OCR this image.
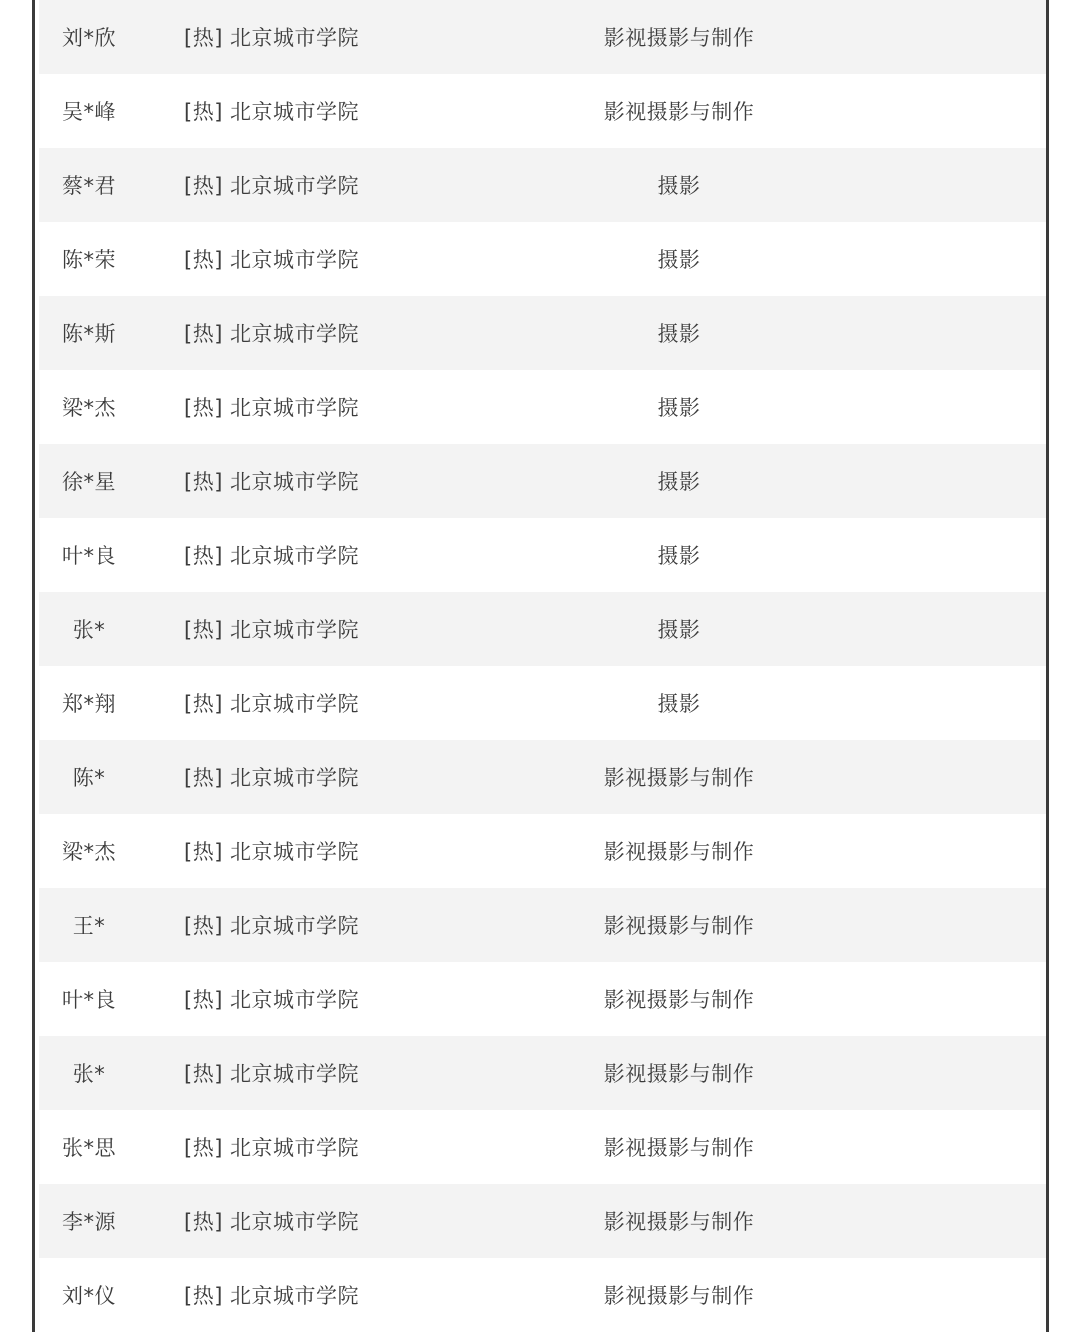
刘*欣	[热] 北京城市学院	影视摄影与制作
吴*峰	[热] 北京城市学院	影视摄影与制作
蔡*君	[热] 北京城市学院	摄影
陈*荣	[热] 北京城市学院	摄影
陈*斯	[热] 北京城市学院	摄影
梁*杰	[热] 北京城市学院	摄影
徐*星	[热] 北京城市学院	摄影
叶*良	[热] 北京城市学院	摄影
张*	[热] 北京城市学院	摄影
郑*翔	[热] 北京城市学院	摄影
陈*	[热] 北京城市学院	影视摄影与制作
梁*杰	[热] 北京城市学院	影视摄影与制作
王*	[热] 北京城市学院	影视摄影与制作
叶*良	[热] 北京城市学院	影视摄影与制作
张*	[热] 北京城市学院	影视摄影与制作
张*思	[热] 北京城市学院	影视摄影与制作
李*源	[热] 北京城市学院	影视摄影与制作
刘*仪	[热] 北京城市学院	影视摄影与制作
